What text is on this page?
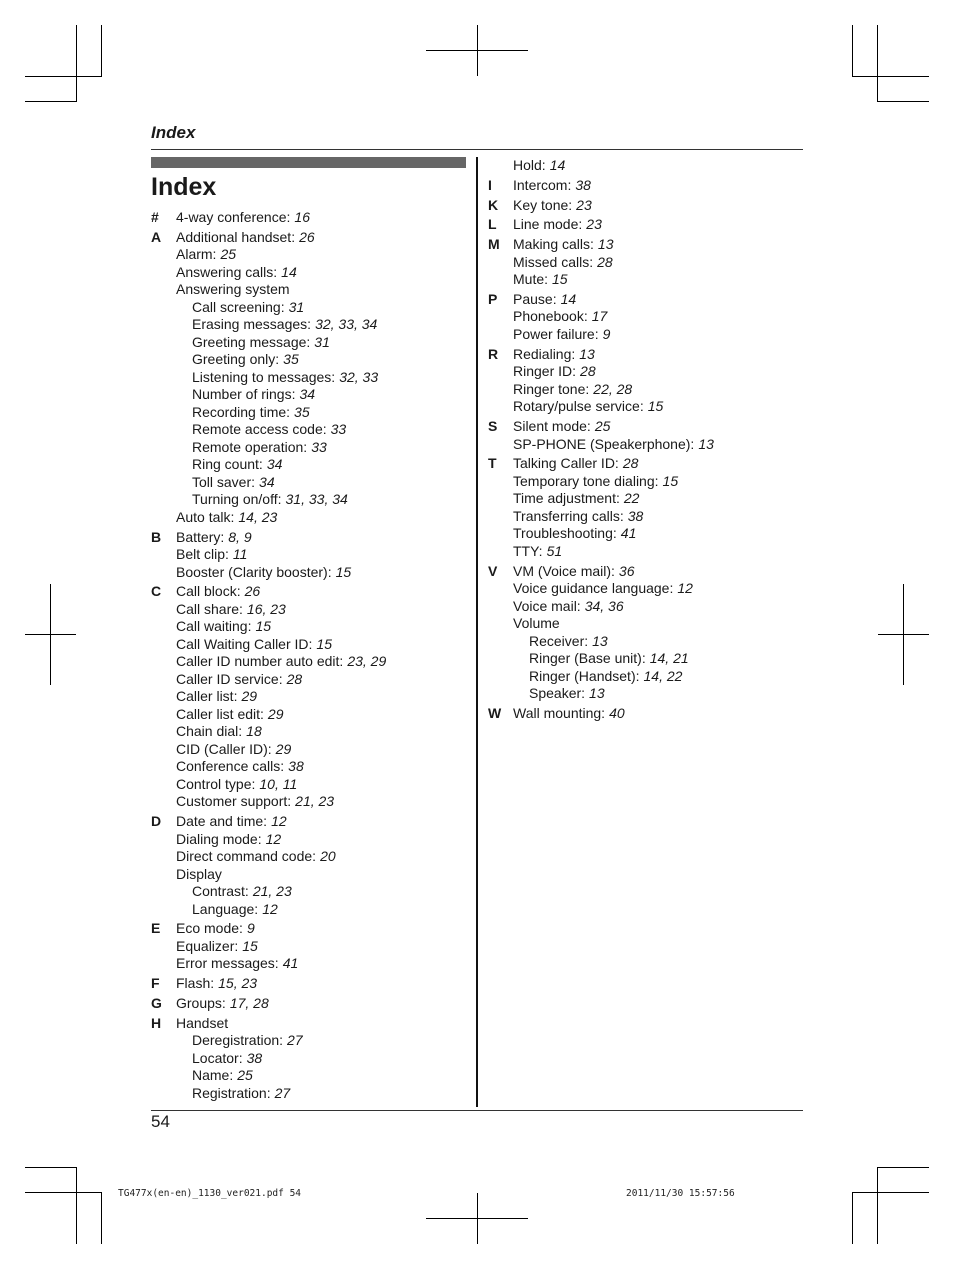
Index
Index
# 4-way conference: 16
A Additional handset: 26
Alarm: 25
Answering calls: 14
Answering system
Call screening: 31
Erasing messages: 32, 33, 34
Greeting message: 31
Greeting only: 35
Listening to messages: 32, 33
Number of rings: 34
Recording time: 35
Remote access code: 33
Remote operation: 33
Ring count: 34
Toll saver: 34
Turning on/off: 31, 33, 34
Auto talk: 14, 23
B Battery: 8, 9
Belt clip: 11
Booster (Clarity booster): 15
C Call block: 26
Call share: 16, 23
Call waiting: 15
Call Waiting Caller ID: 15
Caller ID number auto edit: 23, 29
Caller ID service: 28
Caller list: 29
Caller list edit: 29
Chain dial: 18
CID (Caller ID): 29
Conference calls: 38
Control type: 10, 11
Customer support: 21, 23
D Date and time: 12
Dialing mode: 12
Direct command code: 20
Display
Contrast: 21, 23
Language: 12
E Eco mode: 9
Equalizer: 15
Error messages: 41
F Flash: 15, 23
G Groups: 17, 28
H Handset
Deregistration: 27
Locator: 38
Name: 25
Registration: 27
Hold: 14
I Intercom: 38
K Key tone: 23
L Line mode: 23
M Making calls: 13
Missed calls: 28
Mute: 15
P Pause: 14
Phonebook: 17
Power failure: 9
R Redialing: 13
Ringer ID: 28
Ringer tone: 22, 28
Rotary/pulse service: 15
S Silent mode: 25
SP-PHONE (Speakerphone): 13
T Talking Caller ID: 28
Temporary tone dialing: 15
Time adjustment: 22
Transferring calls: 38
Troubleshooting: 41
TTY: 51
V VM (Voice mail): 36
Voice guidance language: 12
Voice mail: 34, 36
Volume
Receiver: 13
Ringer (Base unit): 14, 21
Ringer (Handset): 14, 22
Speaker: 13
W Wall mounting: 40
54
TG477x(en-en)_1130_ver021.pdf 54	2011/11/30 15:57:56
